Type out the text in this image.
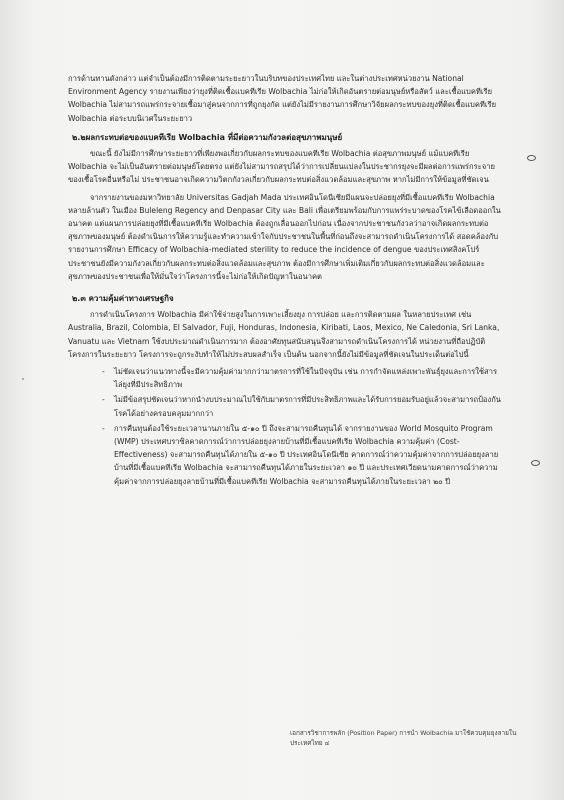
การด้านทานดังกล่าว แต่จำเป็นต้องมีการติดตามระยะยาวในบริบทของประเทศไทย และในต่างประเทศหน่วยงาน National Environment Agency รายงานเพียงว่ายุงที่ติดเชื้อแบคทีเรีย Wolbachia ไม่ก่อให้เกิดอันตรายต่อมนุษย์หรือสัตว์ และเชื้อแบคทีเรีย Wolbachia ไม่สามารถแพร่กระจายเชื้อมาสู่คนจากการที่ถูกยุงกัด แต่ยังไม่มีรายงานการศึกษาวิจัยผลกระทบของยุงที่ติดเชื้อแบคทีเรีย Wolbachia ต่อระบบนิเวศในระยะยาว

๒.๒ผลกระทบต่อของแบคทีเรีย Wolbachia ที่มีต่อความกังวลต่อสุขภาพมนุษย์

ขณะนี้ ยังไม่มีการศึกษาระยะยาวที่เพียงพอเกี่ยวกับผลกระทบของแบคทีเรีย Wolbachia ต่อสุขภาพมนุษย์ แม้แบคทีเรีย Wolbachia จะไม่เป็นอันตรายต่อมนุษย์โดยตรง แต่ยังไม่สามารถสรุปได้ว่าการเปลี่ยนแปลงในประชากรยุงจะมีผลต่อการแพร่กระจายของเชื้อโรคอื่นหรือไม่ ประชาชนอาจเกิดความวิตกกังวลเกี่ยวกับผลกระทบต่อสิ่งแวดล้อมและสุขภาพ หากไม่มีการให้ข้อมูลที่ชัดเจน

จากรายงานของมหาวิทยาลัย Universitas Gadjah Mada ประเทศอินโดนีเซียมีแผนจะปล่อยยุงที่มีเชื้อแบคทีเรีย Wolbachia หลายล้านตัว ในเมือง Buleleng Regency and Denpasar City และ Bali เพื่อเตรียมพร้อมกับการแพร่ระบาดของโรคไข้เลือดออกในอนาคต แต่แผนการปล่อยยุงที่มีเชื้อแบคทีเรีย Wolbachia ต้องถูกเลื่อนออกไปก่อน เนื่องจากประชาชนกังวลว่าอาจเกิดผลกระทบต่อสุขภาพของมนุษย์ ต้องดำเนินการให้ความรู้และทำความเข้าใจกับประชาชนในพื้นที่ก่อนถึงจะสามารถดำเนินโครงการได้ สอดคล้องกับรายงานการศึกษา Efficacy of Wolbachia-mediated sterility to reduce the incidence of dengue ของประเทศสิงคโปร์ ประชาชนยังมีความกังวลเกี่ยวกับผลกระทบต่อสิ่งแวดล้อมและสุขภาพ ต้องมีการศึกษาเพิ่มเติมเกี่ยวกับผลกระทบต่อสิ่งแวดล้อมและสุขภาพของประชาชนเพื่อให้มั่นใจว่าโครงการนี้จะไม่ก่อให้เกิดปัญหาในอนาคต

๒.๓ ความคุ้มค่าทางเศรษฐกิจ

การดำเนินโครงการ Wolbachia มีค่าใช้จ่ายสูงในการเพาะเลี้ยงยุง การปล่อย และการติดตามผล ในหลายประเทศ เช่น Australia, Brazil, Colombia, El Salvador, Fuji, Honduras, Indonesia, Kiribati, Laos, Mexico, Ne Caledonia, Sri Lanka, Vanuatu และ Vietnam ใช้งบประมาณดำเนินการมาก ต้องอาศัยทุนสนับสนุนจึงสามารถดำเนินโครงการได้ หน่วยงานที่ถือปฏิบัติโครงการในระยะยาว โครงการจะถูกระงับทำให้ไม่ประสบผลสำเร็จ เป็นต้น นอกจากนี้ยังไม่มีข้อมูลที่ชัดเจนในประเด็นต่อไปนี้

- ไม่ชัดเจนว่าแนวทางนี้จะมีความคุ้มค่ามากกว่ามาตรการที่ใช้ในปัจจุบัน เช่น การกำจัดแหล่งเพาะพันธุ์ยุงและการใช้สารไล่ยุงที่มีประสิทธิภาพ
- ไม่มีข้อสรุปชัดเจนว่าหากนำงบประมาณไปใช้กับมาตรการที่มีประสิทธิภาพและได้รับการยอมรับอยู่แล้วจะสามารถป้องกันโรคได้อย่างครอบคลุมมากกว่า
- การคืนทุนต้องใช้ระยะเวลานานภายใน ๕-๑๐ ปี ถึงจะสามารถคืนทุนได้ จากรายงานของ World Mosquito Program (WMP) ประเทศบราซิลคาดการณ์ว่าการปล่อยยุงลายบ้านที่มีเชื้อแบคทีเรีย Wolbachia ความคุ้มค่า (Cost-Effectiveness) จะสามารถคืนทุนได้ภายใน ๕-๑๐ ปี ประเทศอินโดนีเซีย คาดการณ์ว่าความคุ้มค่าจากการปล่อยยุงลายบ้านที่มีเชื้อแบคทีเรีย Wolbachia จะสามารถคืนทุนได้ภายในระยะเวลา ๑๐ ปี และประเทศเวียดนามคาดการณ์ว่าความคุ้มค่าจากการปล่อยยุงลายบ้านที่มีเชื้อแบคทีเรีย Wolbachia จะสามารถคืนทุนได้ภายในระยะเวลา ๒๐ ปี
เอกสารวิชาการพลัก (Position Paper) การนำ Wolbachia มาใช้ควบคุมยุงลายในประเทศไทย ๔
